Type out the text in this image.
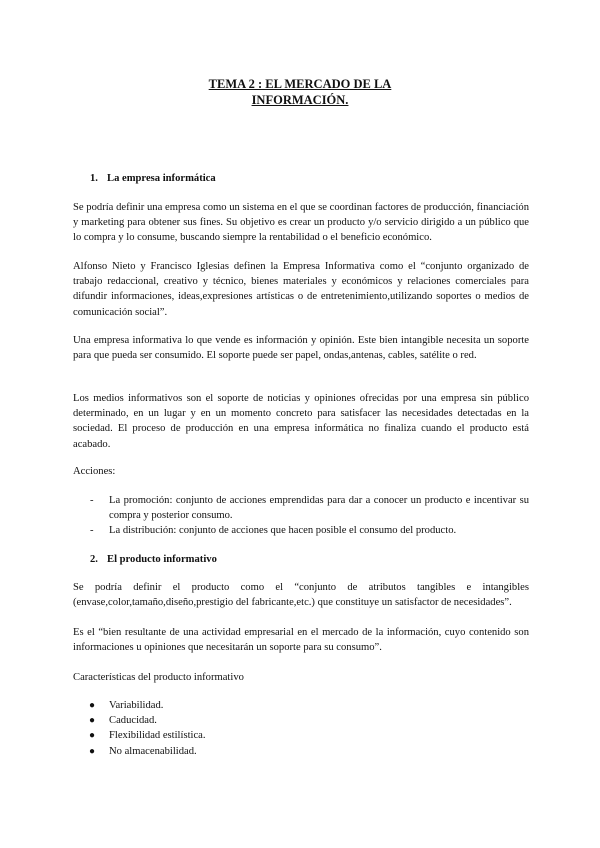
TEMA 2 : EL MERCADO DE LA
INFORMACIÓN.
1. La empresa informática

Se podría definir una empresa como un sistema en el que se coordinan factores de producción, financiación y marketing para obtener sus fines. Su objetivo es crear un producto y/o servicio dirigido a un público que lo compra y lo consume, buscando siempre la rentabilidad o el beneficio económico.

Alfonso Nieto y Francisco Iglesias definen la Empresa Informativa como el “conjunto organizado de trabajo redaccional, creativo y técnico, bienes materiales y económicos y relaciones comerciales para difundir informaciones, ideas,expresiones artísticas o de entretenimiento,utilizando soportes o medios de comunicación social”.

Una empresa informativa lo que vende es información y opinión. Este bien intangible necesita un soporte para que pueda ser consumido. El soporte puede ser papel, ondas,antenas, cables, satélite o red.

Los medios informativos son el soporte de noticias y opiniones ofrecidas por una empresa sin público determinado, en un lugar y en un momento concreto para satisfacer las necesidades detectadas en la sociedad. El proceso de producción en una empresa informática no finaliza cuando el producto está acabado.

Acciones:
- La promoción: conjunto de acciones emprendidas para dar a conocer un producto e incentivar su compra y posterior consumo.
- La distribución: conjunto de acciones que hacen posible el consumo del producto.
2. El producto informativo

Se podría definir el producto como el “conjunto de atributos tangibles e intangibles (envase,color,tamaño,diseño,prestigio del fabricante,etc.) que constituye un satisfactor de necesidades”.

Es el “bien resultante de una actividad empresarial en el mercado de la información, cuyo contenido son informaciones u opiniones que necesitarán un soporte para su consumo”.

Características del producto informativo
● Variabilidad.
● Caducidad.
● Flexibilidad estilística.
● No almacenabilidad.
